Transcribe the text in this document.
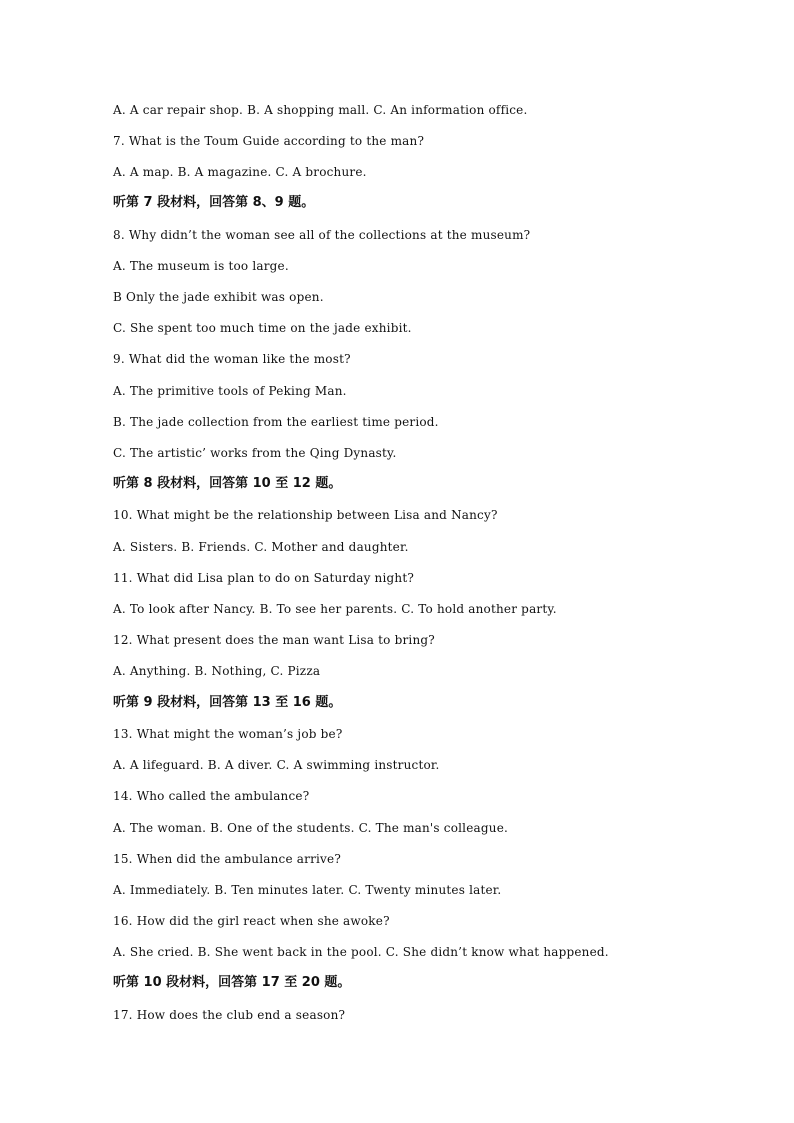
A. A car repair shop. B. A shopping mall. C. An information office.
7. What is the Toum Guide according to the man?
A. A map. B. A magazine. C. A brochure.
听第 7 段材料，回答第 8、9 题。
8. Why didn’t the woman see all of the collections at the museum?
A. The museum is too large.
B Only the jade exhibit was open.
C. She spent too much time on the jade exhibit.
9. What did the woman like the most?
A. The primitive tools of Peking Man.
B. The jade collection from the earliest time period.
C. The artistic’ works from the Qing Dynasty.
听第 8 段材料，回答第 10 至 12 题。
10. What might be the relationship between Lisa and Nancy?
A. Sisters. B. Friends. C. Mother and daughter.
11. What did Lisa plan to do on Saturday night?
A. To look after Nancy. B. To see her parents. C. To hold another party.
12. What present does the man want Lisa to bring?
A. Anything. B. Nothing, C. Pizza
听第 9 段材料，回答第 13 至 16 题。
13. What might the woman’s job be?
A. A lifeguard. B. A diver. C. A swimming instructor.
14. Who called the ambulance?
A. The woman. B. One of the students. C. The man's colleague.
15. When did the ambulance arrive?
A. Immediately. B. Ten minutes later. C. Twenty minutes later.
16. How did the girl react when she awoke?
A. She cried. B. She went back in the pool. C. She didn’t know what happened.
听第 10 段材料，回答第 17 至 20 题。
17. How does the club end a season?
